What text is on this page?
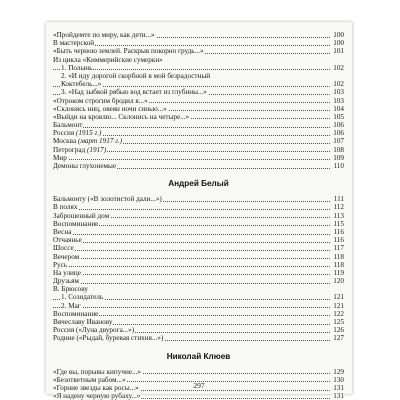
«Пройдемте по миру, как дети...»	100
В мастерской	100
«Быть черною землей. Раскрыв покорно грудь...»	101
Из цикла «Киммерийские сумерки»
1. Полынь	102
2. «И иду дорогой скорбной в мой безрадостный
Коктебель...»	102
3. «Над зыбкой рябью вод встает из глубины...»	103
«Отроком строгим бродил я...»	103
«Склонясь ниц, овеян ночи синью...»	104
«Выйди на кровлю... Склонись на четыре...»	105
Бальмонт	106
Россия (1915 г.)	106
Москва (март 1917 г.)	107
Петроград (1917)	108
Мир	109
Демоны глухонемые	110
Андрей Белый
Бальмонту («В золотистой дали...»)	111
В полях	112
Заброшенный дом	113
Воспоминание	115
Весна	116
Отчаянье	116
Шоссе	117
Вечером	118
Русь	118
На улице	119
Друзьям	120
В. Брюсову
1. Созидатель	121
2. Маг	121
Воспоминание	122
Вячеславу Иванову	125
Россия («Луна двурога...»)	126
Родине («Рыдай, буревая стихия...»)	127
Николай Клюев
«Где вы, порывы кипучие...»	129
«Безответным рабом...»	130
«Горние звезды как росы...»	131
«Я надену черную рубаху...»	131
297
